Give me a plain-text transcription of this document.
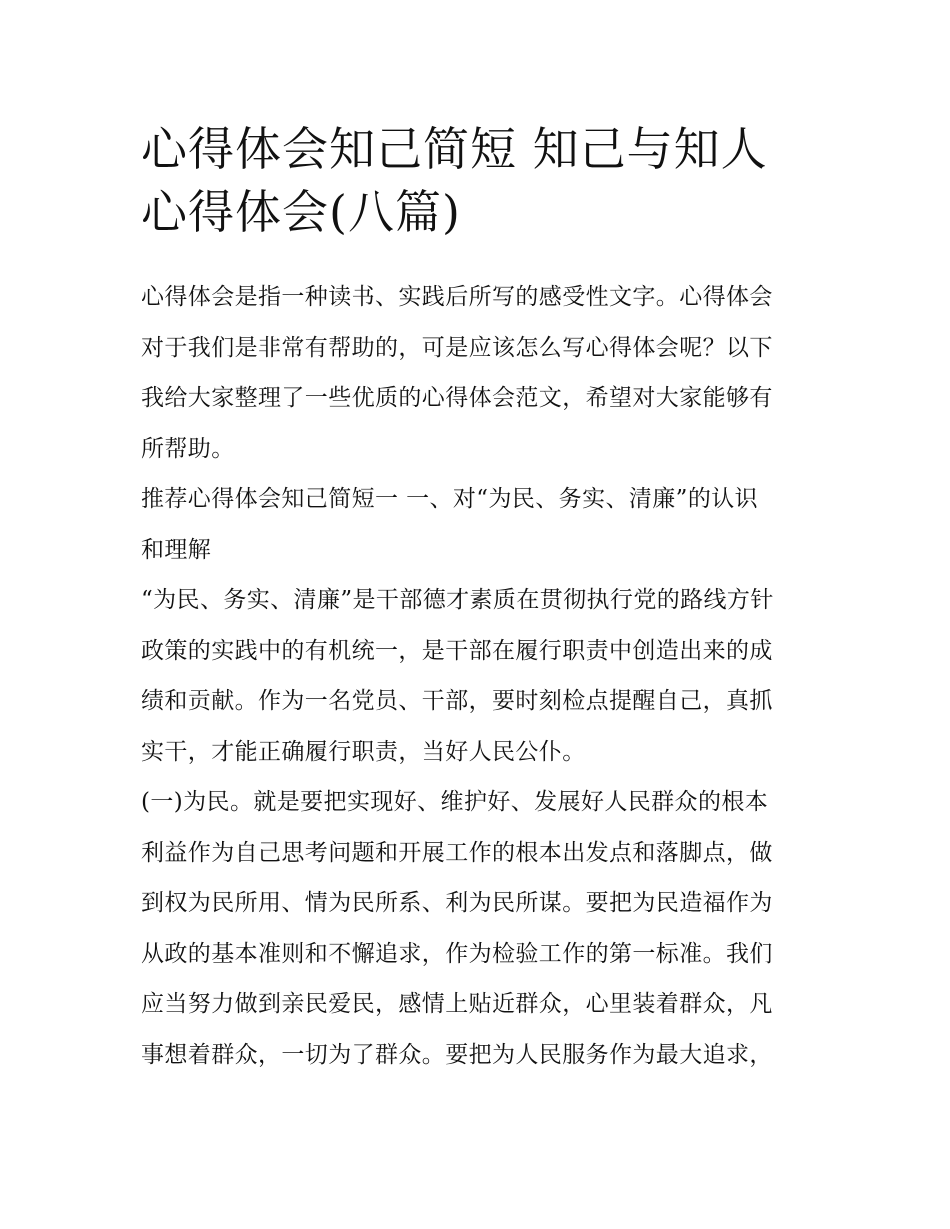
心得体会知己简短 知己与知人
心得体会(八篇)

心得体会是指一种读书、实践后所写的感受性文字。心得体会
对于我们是非常有帮助的，可是应该怎么写心得体会呢？以下
我给大家整理了一些优质的心得体会范文，希望对大家能够有
所帮助。

推荐心得体会知己简短一 一、对“为民、务实、清廉”的认识
和理解

“为民、务实、清廉”是干部德才素质在贯彻执行党的路线方针
政策的实践中的有机统一，是干部在履行职责中创造出来的成
绩和贡献。作为一名党员、干部，要时刻检点提醒自己，真抓
实干，才能正确履行职责，当好人民公仆。

(一)为民。就是要把实现好、维护好、发展好人民群众的根本
利益作为自己思考问题和开展工作的根本出发点和落脚点，做
到权为民所用、情为民所系、利为民所谋。要把为民造福作为
从政的基本准则和不懈追求，作为检验工作的第一标准。我们
应当努力做到亲民爱民，感情上贴近群众，心里装着群众，凡
事想着群众，一切为了群众。要把为人民服务作为最大追求，
